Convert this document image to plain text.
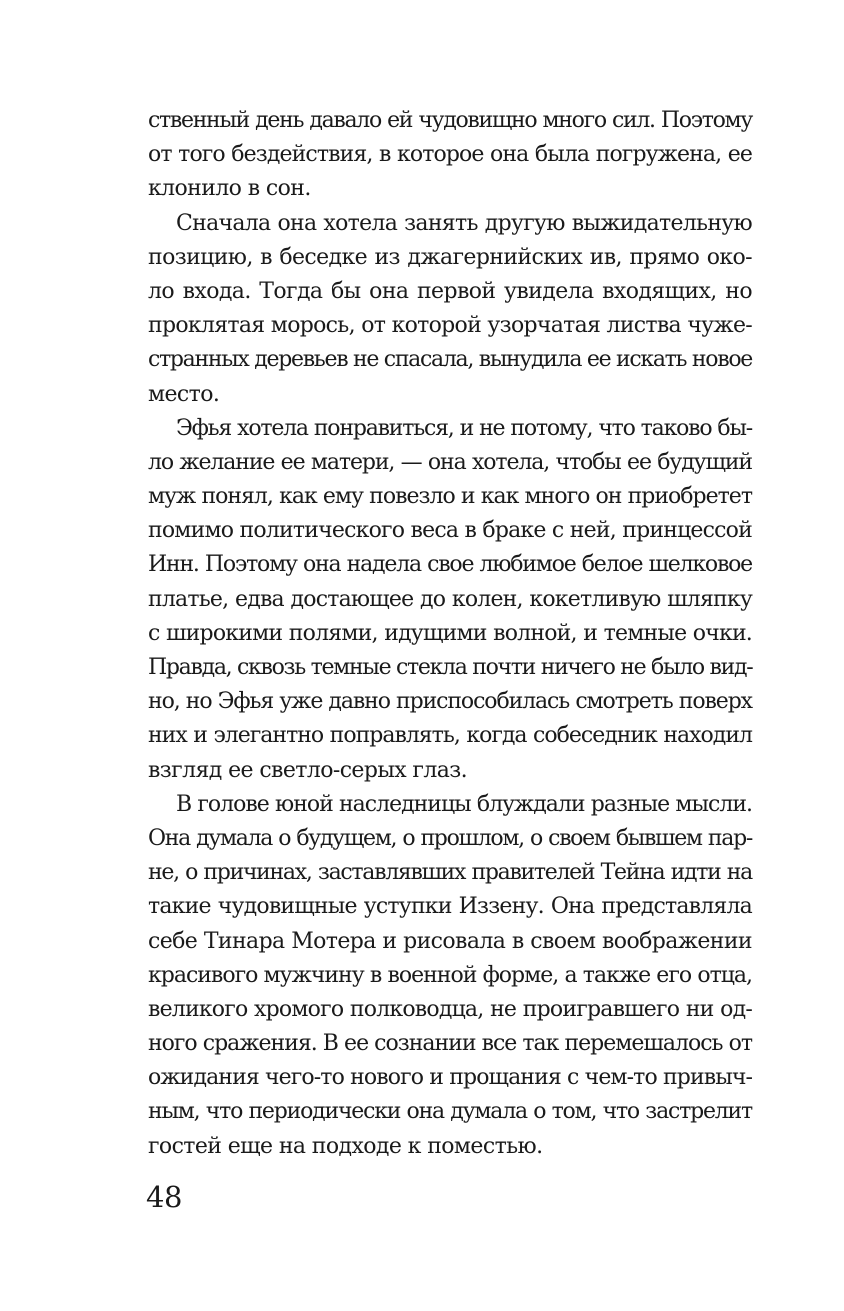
ственный день давало ей чудовищно много сил. Поэтому
от того бездействия, в которое она была погружена, ее
клонило в сон.
Сначала она хотела занять другую выжидательную
позицию, в беседке из джагернийских ив, прямо око-
ло входа. Тогда бы она первой увидела входящих, но
проклятая морось, от которой узорчатая листва чуже-
странных деревьев не спасала, вынудила ее искать новое
место.
Эфья хотела понравиться, и не потому, что таково бы-
ло желание ее матери, — она хотела, чтобы ее будущий
муж понял, как ему повезло и как много он приобретет
помимо политического веса в браке с ней, принцессой
Инн. Поэтому она надела свое любимое белое шелковое
платье, едва достающее до колен, кокетливую шляпку
с широкими полями, идущими волной, и темные очки.
Правда, сквозь темные стекла почти ничего не было вид-
но, но Эфья уже давно приспособилась смотреть поверх
них и элегантно поправлять, когда собеседник находил
взгляд ее светло-серых глаз.
В голове юной наследницы блуждали разные мысли.
Она думала о будущем, о прошлом, о своем бывшем пар-
не, о причинах, заставлявших правителей Тейна идти на
такие чудовищные уступки Иззену. Она представляла
себе Тинара Мотера и рисовала в своем воображении
красивого мужчину в военной форме, а также его отца,
великого хромого полководца, не проигравшего ни од-
ного сражения. В ее сознании все так перемешалось от
ожидания чего-то нового и прощания с чем-то привыч-
ным, что периодически она думала о том, что застрелит
гостей еще на подходе к поместью.
48
